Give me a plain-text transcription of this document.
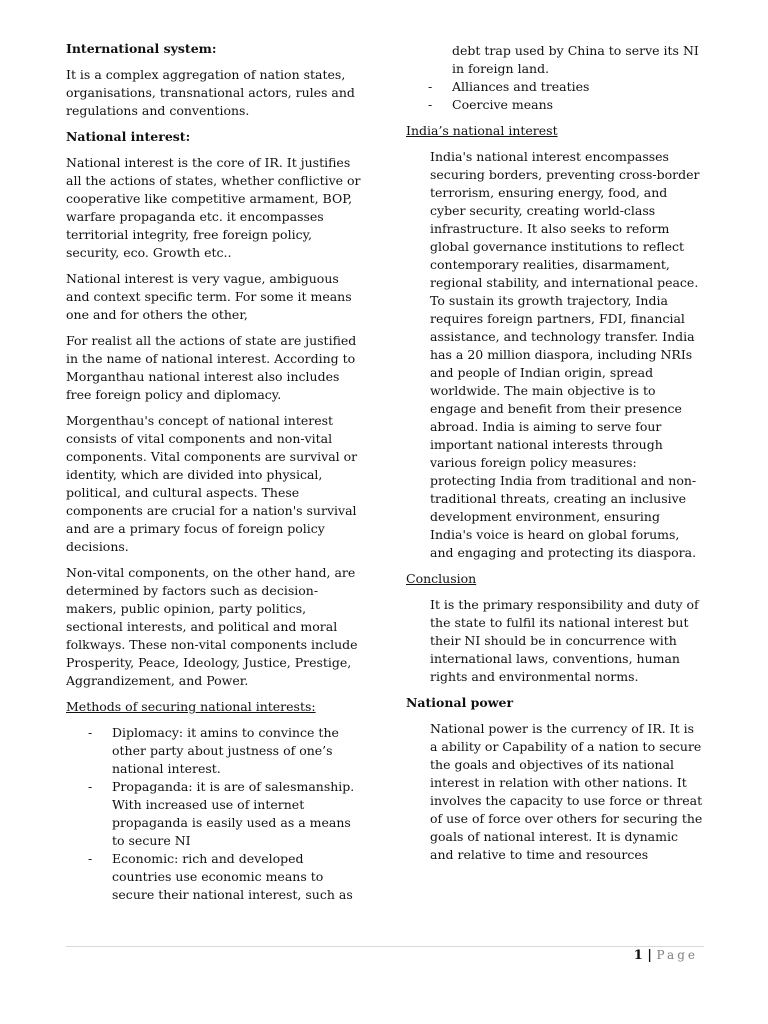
International system:

It is a complex aggregation of nation states, organisations, transnational actors, rules and regulations and conventions.

National interest:

National interest is the core of IR. It justifies all the actions of states, whether conflictive or cooperative like competitive armament, BOP, warfare propaganda etc. it encompasses territorial integrity, free foreign policy, security, eco. Growth etc..

National interest is very vague, ambiguous and context specific term. For some it means one and for others the other,

For realist all the actions of state are justified in the name of national interest. According to Morganthau national interest also includes free foreign policy and diplomacy.

Morgenthau's concept of national interest consists of vital components and non-vital components. Vital components are survival or identity, which are divided into physical, political, and cultural aspects. These components are crucial for a nation's survival and are a primary focus of foreign policy decisions.

Non-vital components, on the other hand, are determined by factors such as decision-makers, public opinion, party politics, sectional interests, and political and moral folkways. These non-vital components include Prosperity, Peace, Ideology, Justice, Prestige, Aggrandizement, and Power.

Methods of securing national interests:

- Diplomacy: it amins to convince the other party about justness of one’s national interest.
- Propaganda: it is are of salesmanship. With increased use of internet propaganda is easily used as a means to secure NI
- Economic: rich and developed countries use economic means to secure their national interest, such as

debt trap used by China to serve its NI in foreign land.

- Alliances and treaties
- Coercive means

India’s national interest

India's national interest encompasses securing borders, preventing cross-border terrorism, ensuring energy, food, and cyber security, creating world-class infrastructure. It also seeks to reform global governance institutions to reflect contemporary realities, disarmament, regional stability, and international peace. To sustain its growth trajectory, India requires foreign partners, FDI, financial assistance, and technology transfer. India has a 20 million diaspora, including NRIs and people of Indian origin, spread worldwide. The main objective is to engage and benefit from their presence abroad. India is aiming to serve four important national interests through various foreign policy measures: protecting India from traditional and non-traditional threats, creating an inclusive development environment, ensuring India's voice is heard on global forums, and engaging and protecting its diaspora.

Conclusion

It is the primary responsibility and duty of the state to fulfil its national interest but their NI should be in concurrence with international laws, conventions, human rights and environmental norms.

National power

National power is the currency of IR. It is a ability or Capability of a nation to secure the goals and objectives of its national interest in relation with other nations. It involves the capacity to use force or threat of use of force over others for securing the goals of national interest. It is dynamic and relative to time and resources

1 | Page
